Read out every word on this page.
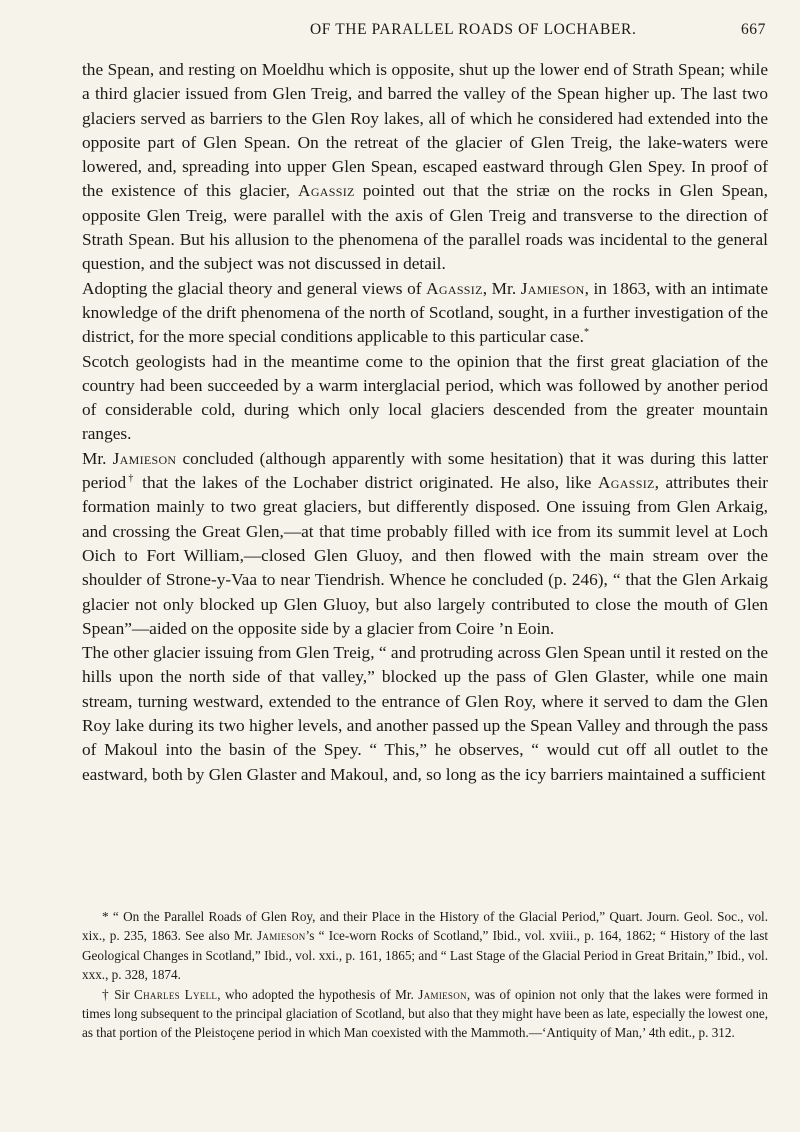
OF THE PARALLEL ROADS OF LOCHABER.	667

the Spean, and resting on Moeldhu which is opposite, shut up the lower end of Strath Spean; while a third glacier issued from Glen Treig, and barred the valley of the Spean higher up. The last two glaciers served as barriers to the Glen Roy lakes, all of which he considered had extended into the opposite part of Glen Spean. On the retreat of the glacier of Glen Treig, the lake-waters were lowered, and, spreading into upper Glen Spean, escaped eastward through Glen Spey. In proof of the existence of this glacier, Agassiz pointed out that the striæ on the rocks in Glen Spean, opposite Glen Treig, were parallel with the axis of Glen Treig and transverse to the direction of Strath Spean. But his allusion to the phenomena of the parallel roads was incidental to the general question, and the subject was not discussed in detail.

Adopting the glacial theory and general views of Agassiz, Mr. Jamieson, in 1863, with an intimate knowledge of the drift phenomena of the north of Scotland, sought, in a further investigation of the district, for the more special conditions applicable to this particular case.*

Scotch geologists had in the meantime come to the opinion that the first great glaciation of the country had been succeeded by a warm interglacial period, which was followed by another period of considerable cold, during which only local glaciers descended from the greater mountain ranges.

Mr. Jamieson concluded (although apparently with some hesitation) that it was during this latter period† that the lakes of the Lochaber district originated. He also, like Agassiz, attributes their formation mainly to two great glaciers, but differently disposed. One issuing from Glen Arkaig, and crossing the Great Glen,—at that time probably filled with ice from its summit level at Loch Oich to Fort William,—closed Glen Gluoy, and then flowed with the main stream over the shoulder of Strone-y-Vaa to near Tiendrish. Whence he concluded (p. 246), “ that the Glen Arkaig glacier not only blocked up Glen Gluoy, but also largely contributed to close the mouth of Glen Spean”—aided on the opposite side by a glacier from Coire ’n Eoin.

The other glacier issuing from Glen Treig, “ and protruding across Glen Spean until it rested on the hills upon the north side of that valley,” blocked up the pass of Glen Glaster, while one main stream, turning westward, extended to the entrance of Glen Roy, where it served to dam the Glen Roy lake during its two higher levels, and another passed up the Spean Valley and through the pass of Makoul into the basin of the Spey. “ This,” he observes, “ would cut off all outlet to the eastward, both by Glen Glaster and Makoul, and, so long as the icy barriers maintained a sufficient

* “ On the Parallel Roads of Glen Roy, and their Place in the History of the Glacial Period,” Quart. Journ. Geol. Soc., vol. xix., p. 235, 1863. See also Mr. Jamieson’s “ Ice-worn Rocks of Scotland,” Ibid., vol. xviii., p. 164, 1862; “ History of the last Geological Changes in Scotland,” Ibid., vol. xxi., p. 161, 1865; and “ Last Stage of the Glacial Period in Great Britain,” Ibid., vol. xxx., p. 328, 1874.

† Sir Charles Lyell, who adopted the hypothesis of Mr. Jamieson, was of opinion not only that the lakes were formed in times long subsequent to the principal glaciation of Scotland, but also that they might have been as late, especially the lowest one, as that portion of the Pleistoçene period in which Man coexisted with the Mammoth.—‘Antiquity of Man,’ 4th edit., p. 312.
